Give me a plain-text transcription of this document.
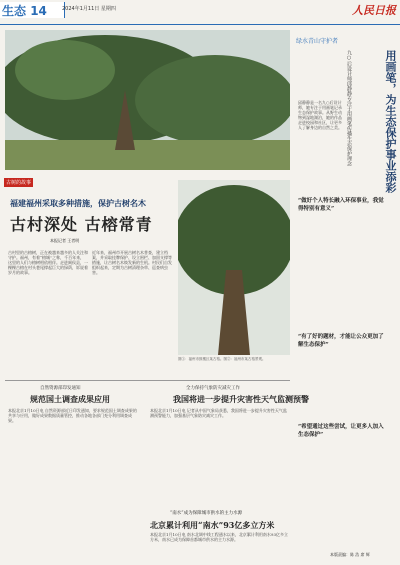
生态 14	2024年1月11日 星期四	人民日报
古树的故事
福建福州采取多种措施，保护古树名木
古村深处 古榕常青
本报记者 王者明
古村里的古榕树，正在被越来越多的人关注和守护。福州，有着“榕城”之称，千百年来，这里的人们与榕树相依相伴。走进闽侯县，一棵棵古榕在村头巷尾撑起巨大的绿荫，诉说着岁月的故事。
近年来，福州市开展古树名木普查，建立档案，并采取挂牌保护、设立围栏、加固支撑等措施，让古树名木焕发新的生机。村民们自发组织起来，定期为古树清理杂草、巡查病虫害。
图①：福州市鼓楼区某古榕。图②：福州市某古榕景观。
绿水青山守护者
用画笔，为生态保护事业添彩
九○后设计师邱静静专注于用画笔传播生态保护理念
邱静静是一名九○后设计师，她专注于用画笔记录生态保护故事。从野生动物到湿地湖泊，她的作品走进校园和社区，让更多人了解身边的自然之美。
“做好个人特长融入环保事业，我觉得特别有意义”
“有了好的题材，才能让公众更加了解生态保护”
“希望通过这些尝试，让更多人加入生态保护”
本版责编：陈 浩 席 辉
自然资源部印发通知
规范国土调查成果应用
本报北京1月10日电 自然资源部近日印发通知，要求规范国土调查成果的共享与应用，做好成果数据质量管控，推动各地各部门充分利用调查成果。
全力保持气象防灾减灾工作
我国将进一步提升灾害性天气监测预警
本报北京1月10日电 记者从中国气象局获悉，我国将进一步提升灾害性天气监测预警能力，加强基层气象防灾减灾工作。
“南水”成为保障城市供水的主力水源
北京累计利用“南水”93亿多立方米
本报北京1月10日电 南水北调中线工程通水以来，北京累计利用南水93亿多立方米，南水已成为保障首都城市供水的主力水源。
